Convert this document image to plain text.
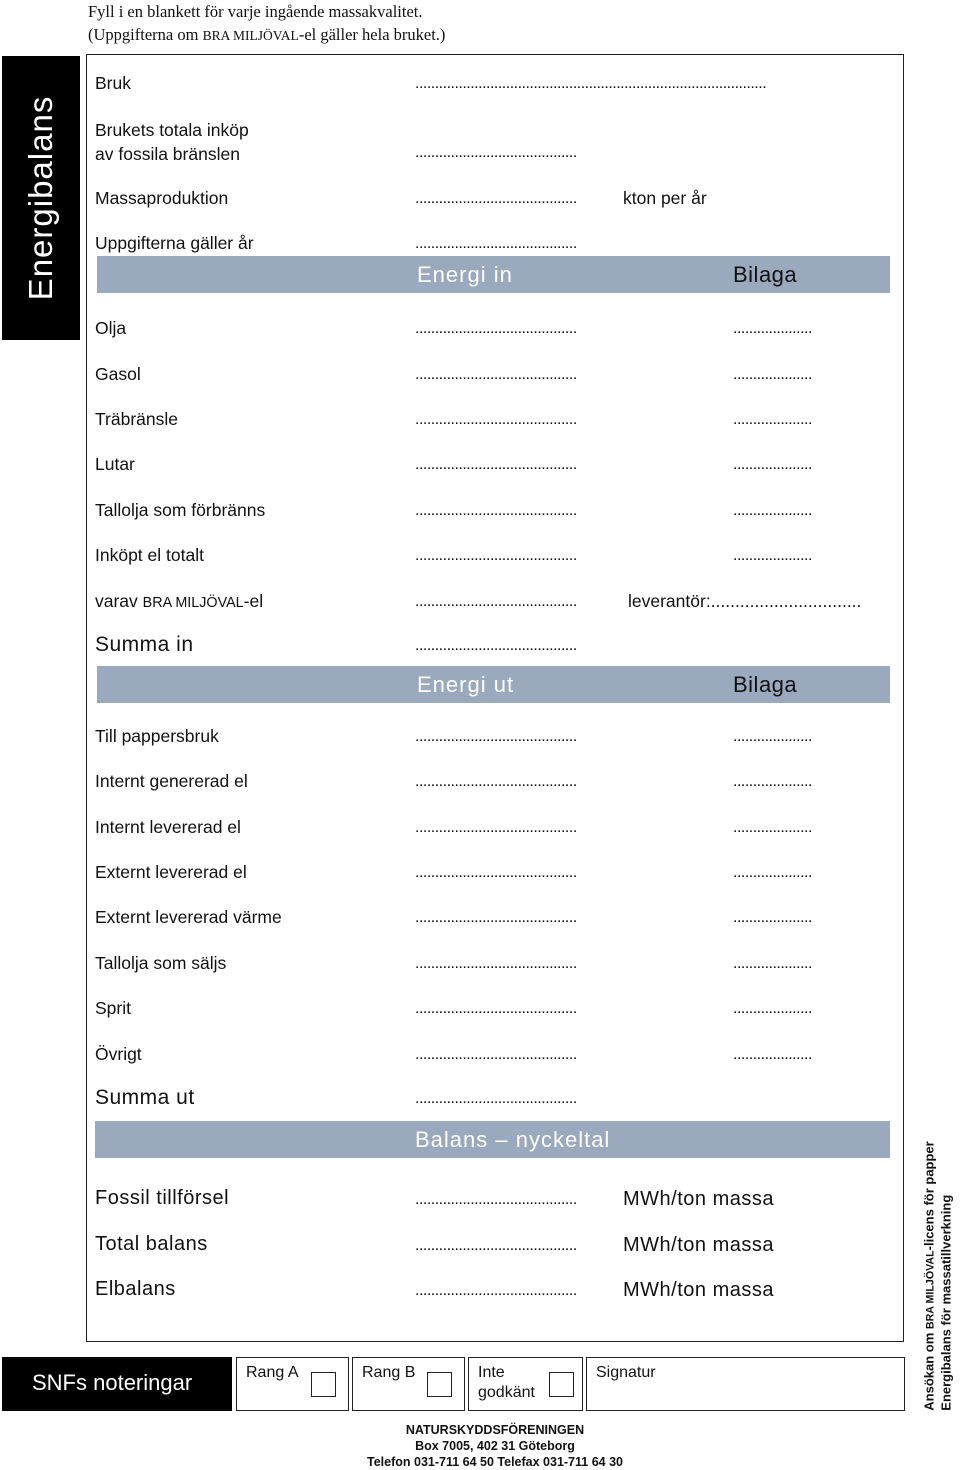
Fyll i en blankett för varje ingående massakvalitet.
(Uppgifterna om BRA MILJÖVAL-el gäller hela bruket.)
Energibalans
Bruk	.........................................................................................
Brukets totala inköp
av fossila bränslen	.........................................
Massaproduktion	.........................................	kton per år
Uppgifterna gäller år	.........................................
Energi in	Bilaga
Olja	.........................................	....................
Gasol	.........................................	....................
Träbränsle	.........................................	....................
Lutar	.........................................	....................
Tallolja som förbränns	.........................................	....................
Inköpt el totalt	.........................................	....................
varav BRA MILJÖVAL-el	.........................................	leverantör:...............................
Summa in	.........................................
Energi ut	Bilaga
Till pappersbruk	.........................................	....................
Internt genererad el	.........................................	....................
Internt levererad el	.........................................	....................
Externt levererad el	.........................................	....................
Externt levererad värme	.........................................	....................
Tallolja som säljs	.........................................	....................
Sprit	.........................................	....................
Övrigt	.........................................	....................
Summa ut	.........................................
Balans – nyckeltal
Fossil tillförsel	......................................... MWh/ton massa
Total balans	......................................... MWh/ton massa
Elbalans	......................................... MWh/ton massa
SNFs noteringar	Rang A	Rang B	Inte
godkänt
Signatur
NATURSKYDDSFÖRENINGEN
Box 7005, 402 31 Göteborg
Telefon 031-711 64 50 Telefax 031-711 64 30
Ansökan om BRA MILJÖVAL-licens för papper Energibalans för massatillverkning
